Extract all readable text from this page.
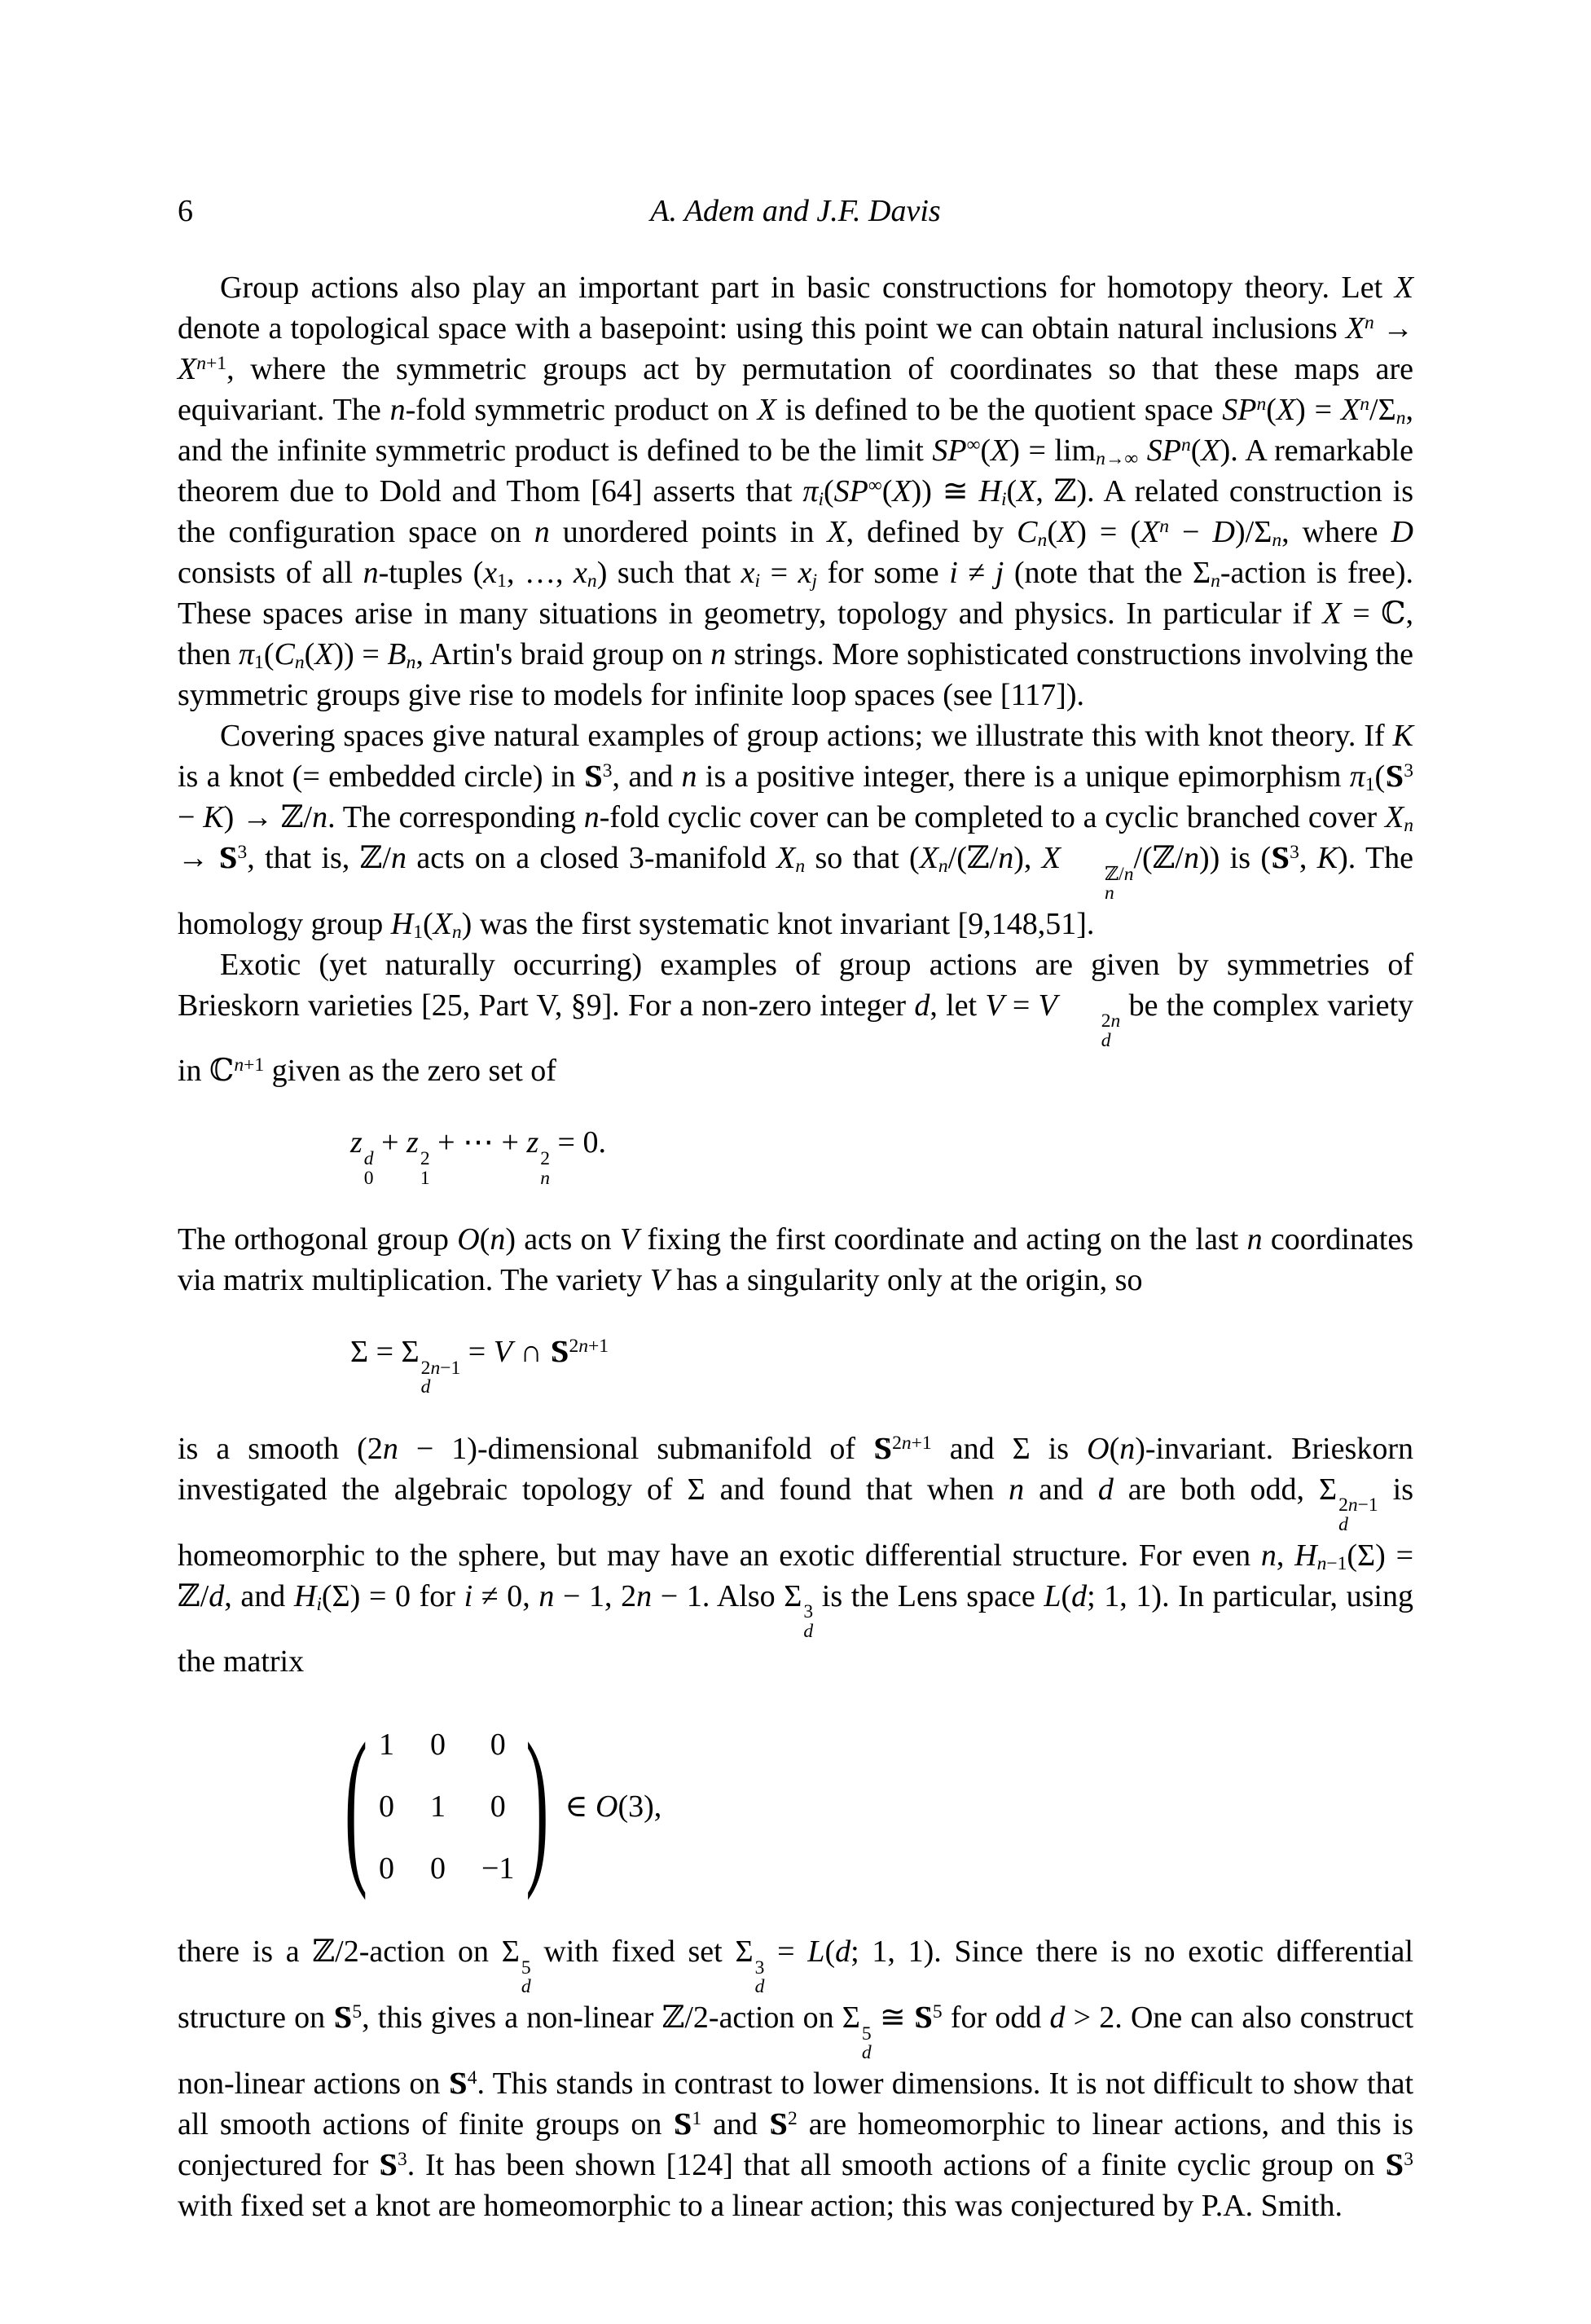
6	A. Adem and J.F. Davis

Group actions also play an important part in basic constructions for homotopy theory. Let X denote a topological space with a basepoint: using this point we can obtain natural inclusions $X^n \to X^{n+1}$, where the symmetric groups act by permutation of coordinates so that these maps are equivariant. The n-fold symmetric product on X is defined to be the quotient space $SP^n(X) = X^n/\Sigma_n$, and the infinite symmetric product is defined to be the limit $SP^\infty(X) = \lim_{n\to\infty} SP^n(X)$. A remarkable theorem due to Dold and Thom [64] asserts that $\pi_i(SP^\infty(X))$ ≅ $H_i(X$, ℤ). A related construction is the configuration space on n unordered points in X, defined by $C_n(X) = (X^n - D)/\Sigma_n$, where D consists of all n-tuples ($x_1$, …, $x_n$) such that $x_i = x_j$ for some i ≠ j (note that the $\Sigma_n$-action is free). These spaces arise in many situations in geometry, topology and physics. In particular if X = ℂ, then $\pi_1(C_n(X)) = B_n$, Artin's braid group on n strings. More sophisticated constructions involving the symmetric groups give rise to models for infinite loop spaces (see [117]).

Covering spaces give natural examples of group actions; we illustrate this with knot theory. If K is a knot (= embedded circle) in $S^3$, and n is a positive integer, there is a unique epimorphism $\pi_1(S^3 - K)$ → ℤ/n. The corresponding n-fold cyclic cover can be completed to a cyclic branched cover $X_n \to S^3$, that is, ℤ/n acts on a closed 3-manifold $X_n$ so that ($X_n/(ℤ/n)$, X	ℤ/n
n
/(ℤ/n)) is ($S^3$, K). The homology group $H_1(X_n)$ was the first systematic knot invariant [9,148,51].

Exotic (yet naturally occurring) examples of group actions are given by symmetries of Brieskorn varieties [25, Part V, §9]. For a non-zero integer d, let V = V	2n
d
be the complex variety in ℂ$^{n+1}$ given as the zero set of

z d
0
+ z 2
1
+ ⋯ + z 2
n
= 0.

The orthogonal group O(n) acts on V fixing the first coordinate and acting on the last n coordinates via matrix multiplication. The variety V has a singularity only at the origin, so

Σ = Σ 2n−1
d
= V ∩ $S^{2n+1}$

is a smooth (2n − 1)-dimensional submanifold of $S^{2n+1}$ and Σ is O(n)-invariant. Brieskorn investigated the algebraic topology of Σ and found that when n and d are both odd, Σ 2n−1
d
is homeomorphic to the sphere, but may have an exotic differential structure. For even n, $H_{n-1}(\Sigma)$ = ℤ/d, and $H_i(\Sigma) = 0$ for i ≠ 0, n − 1, 2n − 1. Also Σ 3
d
is the Lens space L(d; 1, 1). In particular, using the matrix

( 1 0 0
0 1 0
0 0 −1 ) ∈ O(3),

there is a ℤ/2-action on Σ 5
d
with fixed set Σ 3
d
= L(d; 1, 1). Since there is no exotic differential structure on $S^5$, this gives a non-linear ℤ/2-action on Σ 5
d
≅ $S^5$ for odd d > 2. One can also construct non-linear actions on $S^4$. This stands in contrast to lower dimensions. It is not difficult to show that all smooth actions of finite groups on $S^1$ and $S^2$ are homeomorphic to linear actions, and this is conjectured for $S^3$. It has been shown [124] that all smooth actions of a finite cyclic group on $S^3$ with fixed set a knot are homeomorphic to a linear action; this was conjectured by P.A. Smith.
